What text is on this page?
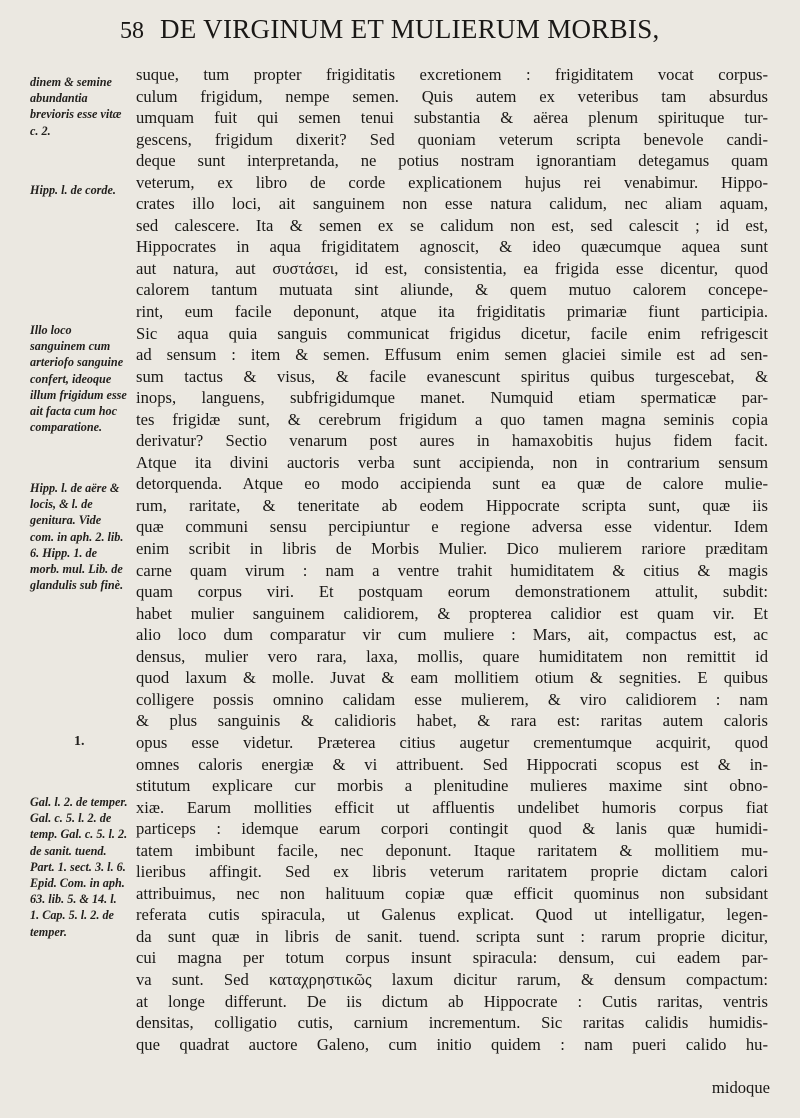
58 DE VIRGINUM ET MULIERUM MORBIS,
dinem & semine abundantia brevioris esse vitæ c. 2.
Hipp. l. de corde.
Illo loco sanguinem cum arteriofo sanguine confert, ideoque illum frigidum esse ait facta cum hoc comparatione.
Hipp. l. de aëre & locis, & l. de genitura. Vide com. in aph. 2. lib. 6. Hipp. 1. de morb. mul. Lib. de glandulis sub finè.
1.
Gal. l. 2. de temper. Gal. c. 5. l. 2. de temp. Gal. c. 5. l. 2. de sanit. tuend. Part. 1. sect. 3. l. 6. Epid. Com. in aph. 63. lib. 5. & 14. l. 1. Cap. 5. l. 2. de temper.
suque, tum propter frigiditatis excretionem : frigiditatem vocat corpus-
culum frigidum, nempe semen. Quis autem ex veteribus tam absurdus
umquam fuit qui semen tenui substantia & aërea plenum spirituque tur-
gescens, frigidum dixerit? Sed quoniam veterum scripta benevole candi-
deque sunt interpretanda, ne potius nostram ignorantiam detegamus quam
veterum, ex libro de corde explicationem hujus rei venabimur. Hippo-
crates illo loci, ait sanguinem non esse natura calidum, nec aliam aquam,
sed calescere. Ita & semen ex se calidum non est, sed calescit ; id est,
Hippocrates in aqua frigiditatem agnoscit, & ideo quæcumque aquea sunt
aut natura, aut συστάσει, id est, consistentia, ea frigida esse dicentur, quod
calorem tantum mutuata sint aliunde, & quem mutuo calorem concepe-
rint, eum facile deponunt, atque ita frigiditatis primariæ fiunt participia.
Sic aqua quia sanguis communicat frigidus dicetur, facile enim refrigescit
ad sensum : item & semen. Effusum enim semen glaciei simile est ad sen-
sum tactus & visus, & facile evanescunt spiritus quibus turgescebat, &
inops, languens, subfrigidumque manet. Numquid etiam spermaticæ par-
tes frigidæ sunt, & cerebrum frigidum a quo tamen magna seminis copia
derivatur? Sectio venarum post aures in hamaxobitis hujus fidem facit.
Atque ita divini auctoris verba sunt accipienda, non in contrarium sensum
detorquenda. Atque eo modo accipienda sunt ea quæ de calore mulie-
rum, raritate, & teneritate ab eodem Hippocrate scripta sunt, quæ iis
quæ communi sensu percipiuntur e regione adversa esse videntur. Idem
enim scribit in libris de Morbis Mulier. Dico mulierem rariore præditam
carne quam virum : nam a ventre trahit humiditatem & citius & magis
quam corpus viri. Et postquam eorum demonstrationem attulit, subdit:
habet mulier sanguinem calidiorem, & propterea calidior est quam vir. Et
alio loco dum comparatur vir cum muliere : Mars, ait, compactus est, ac
densus, mulier vero rara, laxa, mollis, quare humiditatem non remittit id
quod laxum & molle. Juvat & eam mollitiem otium & segnities. E quibus
colligere possis omnino calidam esse mulierem, & viro calidiorem : nam
& plus sanguinis & calidioris habet, & rara est: raritas autem caloris
opus esse videtur. Præterea citius augetur crementumque acquirit, quod
omnes caloris energiæ & vi attribuent. Sed Hippocrati scopus est & in-
stitutum explicare cur morbis a plenitudine mulieres maxime sint obno-
xiæ. Earum mollities efficit ut affluentis undelibet humoris corpus fiat
particeps : idemque earum corpori contingit quod & lanis quæ humidi-
tatem imbibunt facile, nec deponunt. Itaque raritatem & mollitiem mu-
lieribus affingit. Sed ex libris veterum raritatem proprie dictam calori
attribuimus, nec non halituum copiæ quæ efficit quominus non subsidant
referata cutis spiracula, ut Galenus explicat. Quod ut intelligatur, legen-
da sunt quæ in libris de sanit. tuend. scripta sunt : rarum proprie dicitur,
cui magna per totum corpus insunt spiracula: densum, cui eadem par-
va sunt. Sed καταχρηστικῶς laxum dicitur rarum, & densum compactum:
at longe differunt. De iis dictum ab Hippocrate : Cutis raritas, ventris
densitas, colligatio cutis, carnium incrementum. Sic raritas calidis humidis-
que quadrat auctore Galeno, cum initio quidem : nam pueri calido hu-
midoque
